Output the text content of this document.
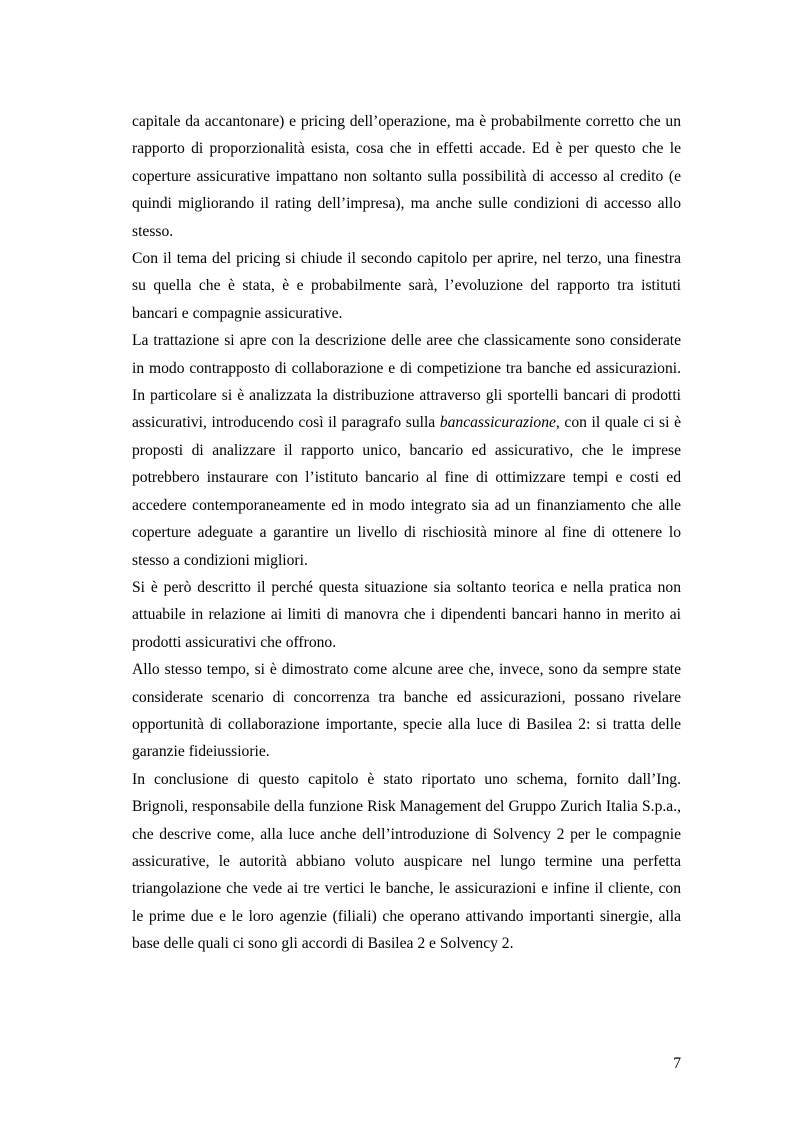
capitale da accantonare) e pricing dell’operazione, ma è probabilmente corretto che un rapporto di proporzionalità esista, cosa che in effetti accade. Ed è per questo che le coperture assicurative impattano non soltanto sulla possibilità di accesso al credito (e quindi migliorando il rating dell’impresa), ma anche sulle condizioni di accesso allo stesso.

Con il tema del pricing si chiude il secondo capitolo per aprire, nel terzo, una finestra su quella che è stata, è e probabilmente sarà, l’evoluzione del rapporto tra istituti bancari e compagnie assicurative.

La trattazione si apre con la descrizione delle aree che classicamente sono considerate in modo contrapposto di collaborazione e di competizione tra banche ed assicurazioni. In particolare si è analizzata la distribuzione attraverso gli sportelli bancari di prodotti assicurativi, introducendo così il paragrafo sulla bancassicurazione, con il quale ci si è proposti di analizzare il rapporto unico, bancario ed assicurativo, che le imprese potrebbero instaurare con l’istituto bancario al fine di ottimizzare tempi e costi ed accedere contemporaneamente ed in modo integrato sia ad un finanziamento che alle coperture adeguate a garantire un livello di rischiosità minore al fine di ottenere lo stesso a condizioni migliori.

Si è però descritto il perché questa situazione sia soltanto teorica e nella pratica non attuabile in relazione ai limiti di manovra che i dipendenti bancari hanno in merito ai prodotti assicurativi che offrono.

Allo stesso tempo, si è dimostrato come alcune aree che, invece, sono da sempre state considerate scenario di concorrenza tra banche ed assicurazioni, possano rivelare opportunità di collaborazione importante, specie alla luce di Basilea 2: si tratta delle garanzie fideiussiorie.

In conclusione di questo capitolo è stato riportato uno schema, fornito dall’Ing. Brignoli, responsabile della funzione Risk Management del Gruppo Zurich Italia S.p.a., che descrive come, alla luce anche dell’introduzione di Solvency 2 per le compagnie assicurative, le autorità abbiano voluto auspicare nel lungo termine una perfetta triangolazione che vede ai tre vertici le banche, le assicurazioni e infine il cliente, con le prime due e le loro agenzie (filiali) che operano attivando importanti sinergie, alla base delle quali ci sono gli accordi di Basilea 2 e Solvency 2.

7
